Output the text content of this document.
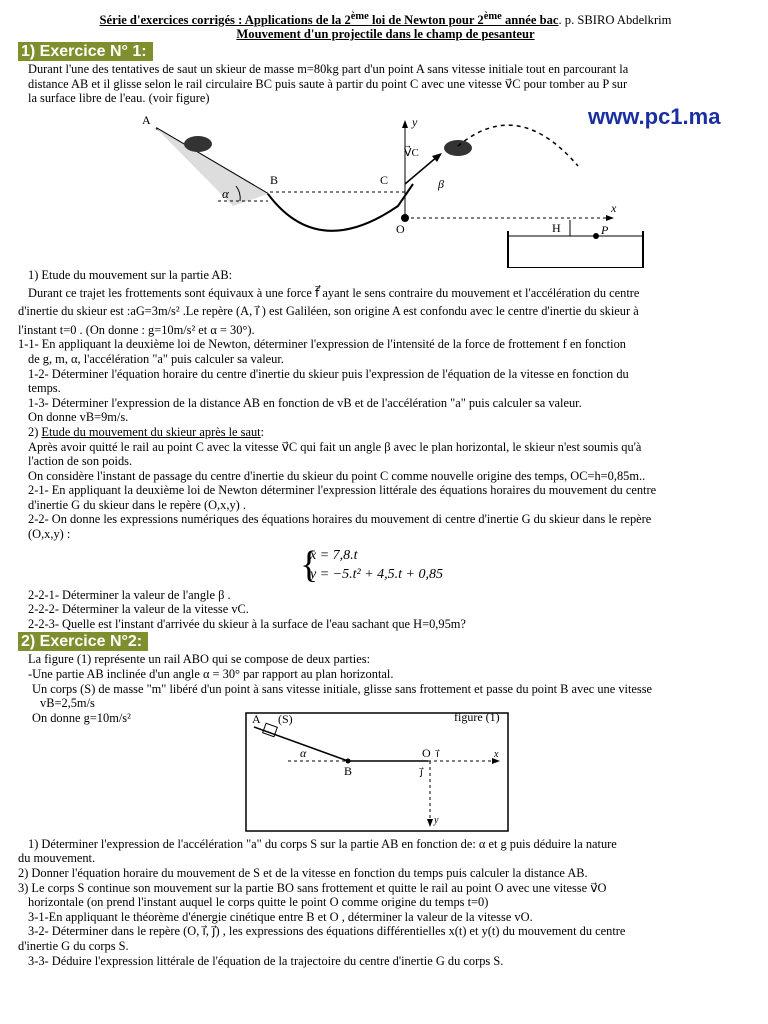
Série d'exercices corrigés : Applications de la 2ème loi de Newton pour 2ème année bac. p. SBIRO Abdelkrim
Mouvement d'un projectile dans le champ de pesanteur
1) Exercice N° 1:

Durant l'une des tentatives de saut un skieur de masse m=80kg part d'un point A sans vitesse initiale tout en parcourant la

distance AB et il glisse selon le rail circulaire BC puis saute à partir du point C avec une vitesse v⃗C pour tomber au P sur

la surface libre de l'eau. (voir figure)

www.pc1.ma
α
B	C
A	y
x
O
V⃗C
β
H	P

1) Etude du mouvement sur la partie AB:

Durant ce trajet les frottements sont équivaux à une force f⃗ ayant le sens contraire du mouvement et l'accélération du centre

d'inertie du skieur est :aG=3m/s² .Le repère (A, i⃗ ) est Galiléen, son origine A est confondu avec le centre d'inertie du skieur à

l'instant t=0 . (On donne : g=10m/s² et α = 30°).

1-1- En appliquant la deuxième loi de Newton, déterminer l'expression de l'intensité de la force de frottement f en fonction

de g, m, α, l'accélération "a" puis calculer sa valeur.

1-2- Déterminer l'équation horaire du centre d'inertie du skieur puis l'expression de l'équation de la vitesse en fonction du

temps.

1-3- Déterminer l'expression de la distance AB en fonction de vB et de l'accélération "a" puis calculer sa valeur.

On donne vB=9m/s.

2) Etude du mouvement du skieur après le saut:

Après avoir quitté le rail au point C avec la vitesse v⃗C qui fait un angle β avec le plan horizontal, le skieur n'est soumis qu'à

l'action de son poids.

On considère l'instant de passage du centre d'inertie du skieur du point C comme nouvelle origine des temps, OC=h=0,85m..

2-1- En appliquant la deuxième loi de Newton déterminer l'expression littérale des équations horaires du mouvement du centre

d'inertie G du skieur dans le repère (O,x,y) .

2-2- On donne les expressions numériques des équations horaires du mouvement di centre d'inertie G du skieur dans le repère

(O,x,y) :

{
x = 7,8.t
y = −5.t² + 4,5.t + 0,85

2-2-1- Déterminer la valeur de l'angle β .

2-2-2- Déterminer la valeur de la vitesse vC.

2-2-3- Quelle est l'instant d'arrivée du skieur à la surface de l'eau sachant que H=0,95m?

2) Exercice N°2:

La figure (1) représente un rail ABO qui se compose de deux parties:

-Une partie AB inclinée d'un angle α = 30° par rapport au plan horizontal.

Un corps (S) de masse "m" libéré d'un point à sans vitesse initiale, glisse sans frottement et passe du point B avec une vitesse

vB=2,5m/s

On donne g=10m/s²	figure (1)
x
α
A (S)
B
O
y
i⃗
j⃗

1) Déterminer l'expression de l'accélération "a" du corps S sur la partie AB en fonction de: α et g puis déduire la nature

du mouvement.

2) Donner l'équation horaire du mouvement de S et de la vitesse en fonction du temps puis calculer la distance AB.

3) Le corps S continue son mouvement sur la partie BO sans frottement et quitte le rail au point O avec une vitesse v⃗O

horizontale (on prend l'instant auquel le corps quitte le point O comme origine du temps t=0)

3-1-En appliquant le théorème d'énergie cinétique entre B et O , déterminer la valeur de la vitesse vO.

3-2- Déterminer dans le repère (O, i⃗, j⃗) , les expressions des équations différentielles x(t) et y(t) du mouvement du centre

d'inertie G du corps S.

3-3- Déduire l'expression littérale de l'équation de la trajectoire du centre d'inertie G du corps S.
